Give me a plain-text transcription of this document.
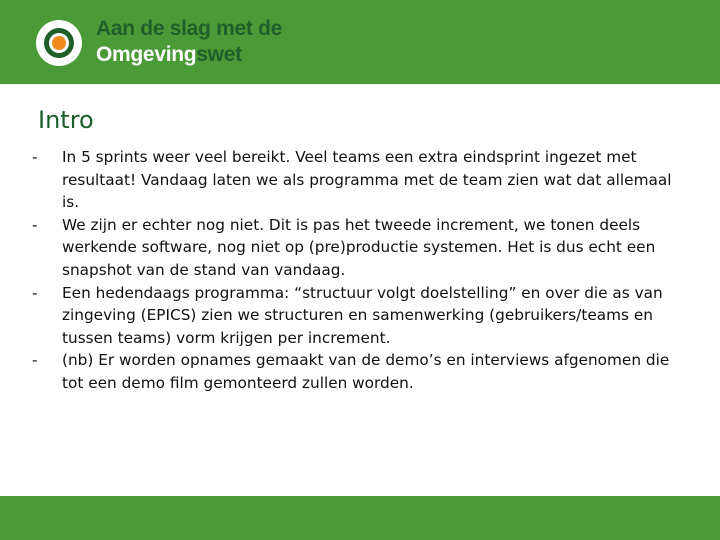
Aan de slag met de
Omgevingswet
Intro
- In 5 sprints weer veel bereikt. Veel teams een extra eindsprint ingezet met resultaat! Vandaag laten we als programma met de team zien wat dat allemaal is.
- We zijn er echter nog niet. Dit is pas het tweede increment, we tonen deels werkende software, nog niet op (pre)productie systemen. Het is dus echt een snapshot van de stand van vandaag.
- Een hedendaags programma: “structuur volgt doelstelling” en over die as van zingeving (EPICS) zien we structuren en samenwerking (gebruikers/teams en tussen teams) vorm krijgen per increment.
- (nb) Er worden opnames gemaakt van de demo’s en interviews afgenomen die tot een demo film gemonteerd zullen worden.
